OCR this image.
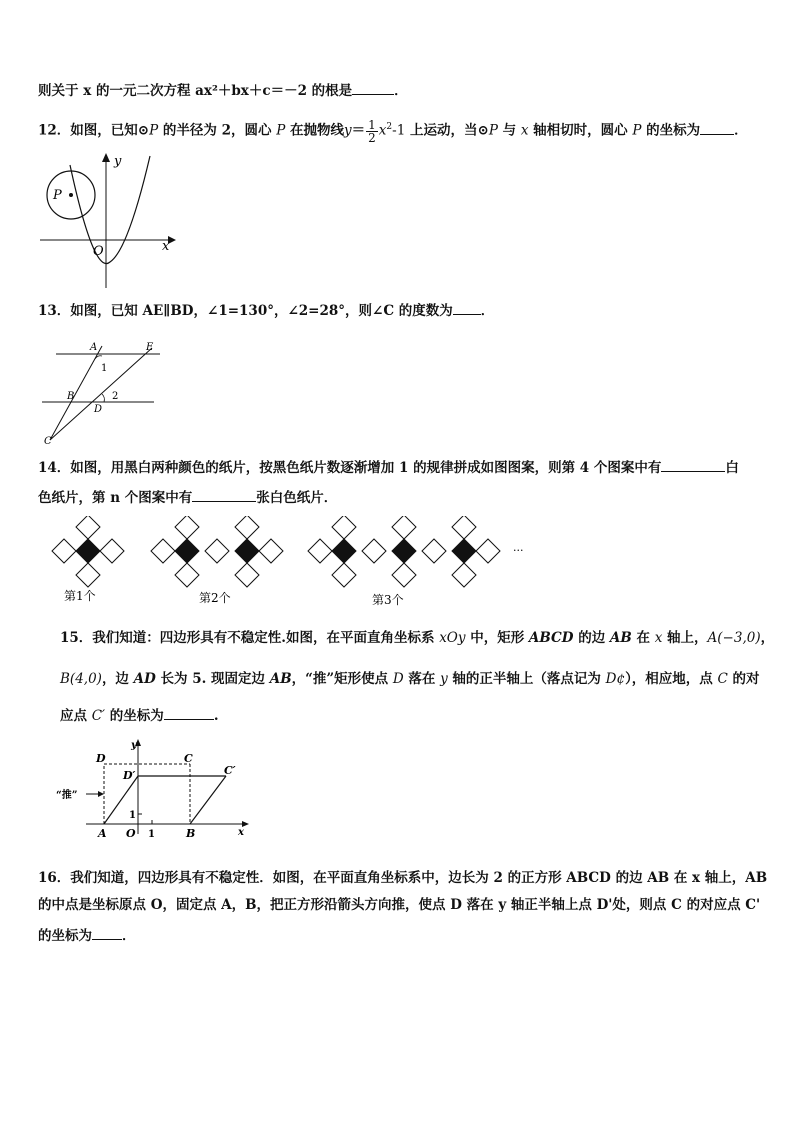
则关于 x 的一元二次方程 ax²＋bx＋c＝－2 的根是	．
12．如图，已知⊙P 的半径为 2，圆心 P 在抛物线$y= \frac{1}{2} x^2-1$ 上运动，当⊙P 与 x 轴相切时，圆心 P 的坐标为	．
P
y
x
O
13．如图，已知 AE∥BD，∠1=130°，∠2=28°，则∠C 的度数为 ．
A	E
B
D
C
1
2
14．如图，用黑白两种颜色的纸片，按黑色纸片数逐渐增加 1 的规律拼成如图图案，则第 4 个图案中有	白
色纸片，第 n 个图案中有	张白色纸片．
···
第1个	第2个	第3个
15．我们知道：四边形具有不稳定性.如图，在平面直角坐标系 xOy 中，矩形 ABCD 的边 AB 在 x 轴上，A(−3,0)，
B(4,0)，边 AD 长为 5. 现固定边 AB，“推”矩形使点 D 落在 y 轴的正半轴上（落点记为 D¢），相应地，点 C 的对
应点 C′ 的坐标为	.
“推”
D	C
D′	C′
1
A O 1	B	x
y
16．我们知道，四边形具有不稳定性．如图，在平面直角坐标系中，边长为 2 的正方形 ABCD 的边 AB 在 x 轴上，AB
的中点是坐标原点 O，固定点 A，B，把正方形沿箭头方向推，使点 D 落在 y 轴正半轴上点 D'处，则点 C 的对应点 C'
的坐标为 ．
